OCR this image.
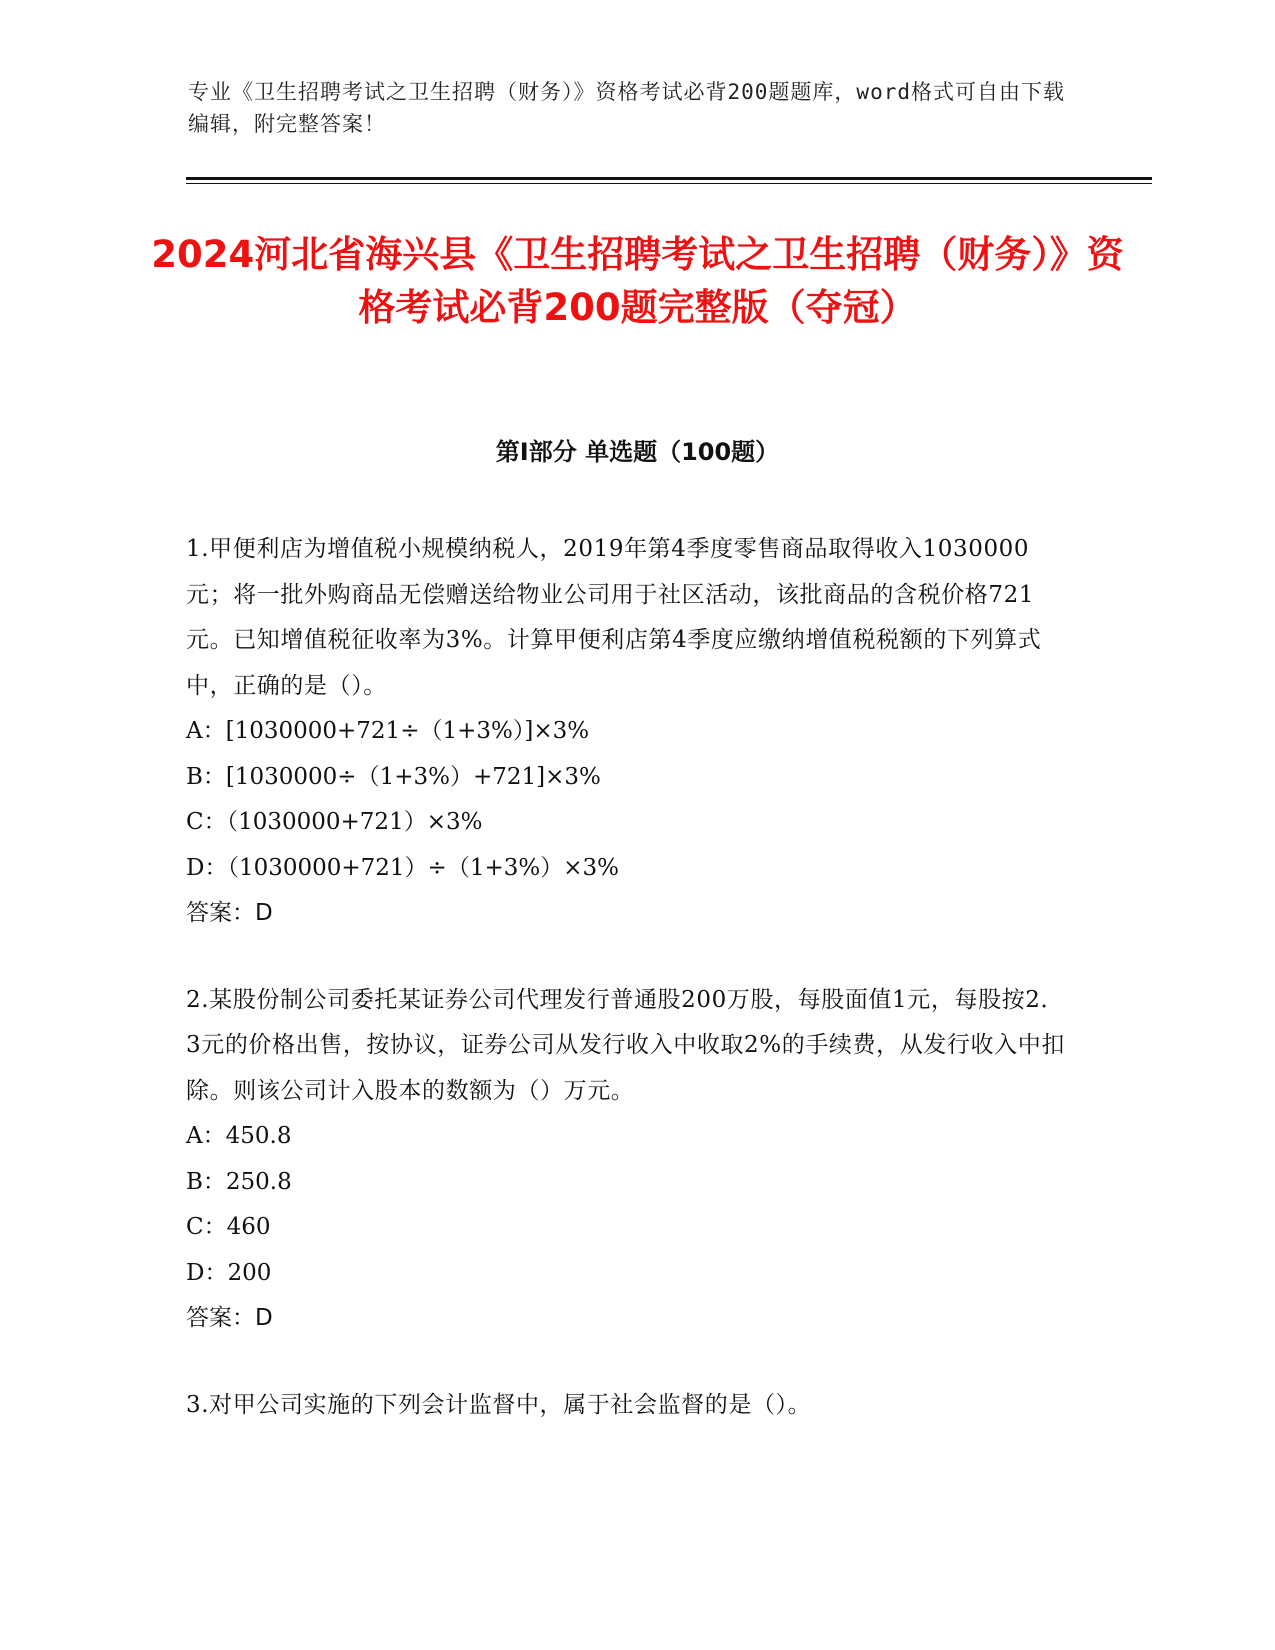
专业《卫生招聘考试之卫生招聘（财务）》资格考试必背200题题库，word格式可自由下载编辑，附完整答案！
2024河北省海兴县《卫生招聘考试之卫生招聘（财务）》资格考试必背200题完整版（夺冠）
第I部分 单选题（100题）

1.甲便利店为增值税小规模纳税人，2019年第4季度零售商品取得收入1030000元；将一批外购商品无偿赠送给物业公司用于社区活动，该批商品的含税价格721元。已知增值税征收率为3%。计算甲便利店第4季度应缴纳增值税税额的下列算式中，正确的是（）。

A：[1030000+721÷（1+3%）]×3%

B：[1030000÷（1+3%）+721]×3%

C：（1030000+721）×3%

D：（1030000+721）÷（1+3%）×3%

答案：D

2.某股份制公司委托某证券公司代理发行普通股200万股，每股面值1元，每股按2．3元的价格出售，按协议，证券公司从发行收入中收取2%的手续费，从发行收入中扣除。则该公司计入股本的数额为（）万元。

A：450.8

B：250.8

C：460

D：200

答案：D

3.对甲公司实施的下列会计监督中，属于社会监督的是（）。
